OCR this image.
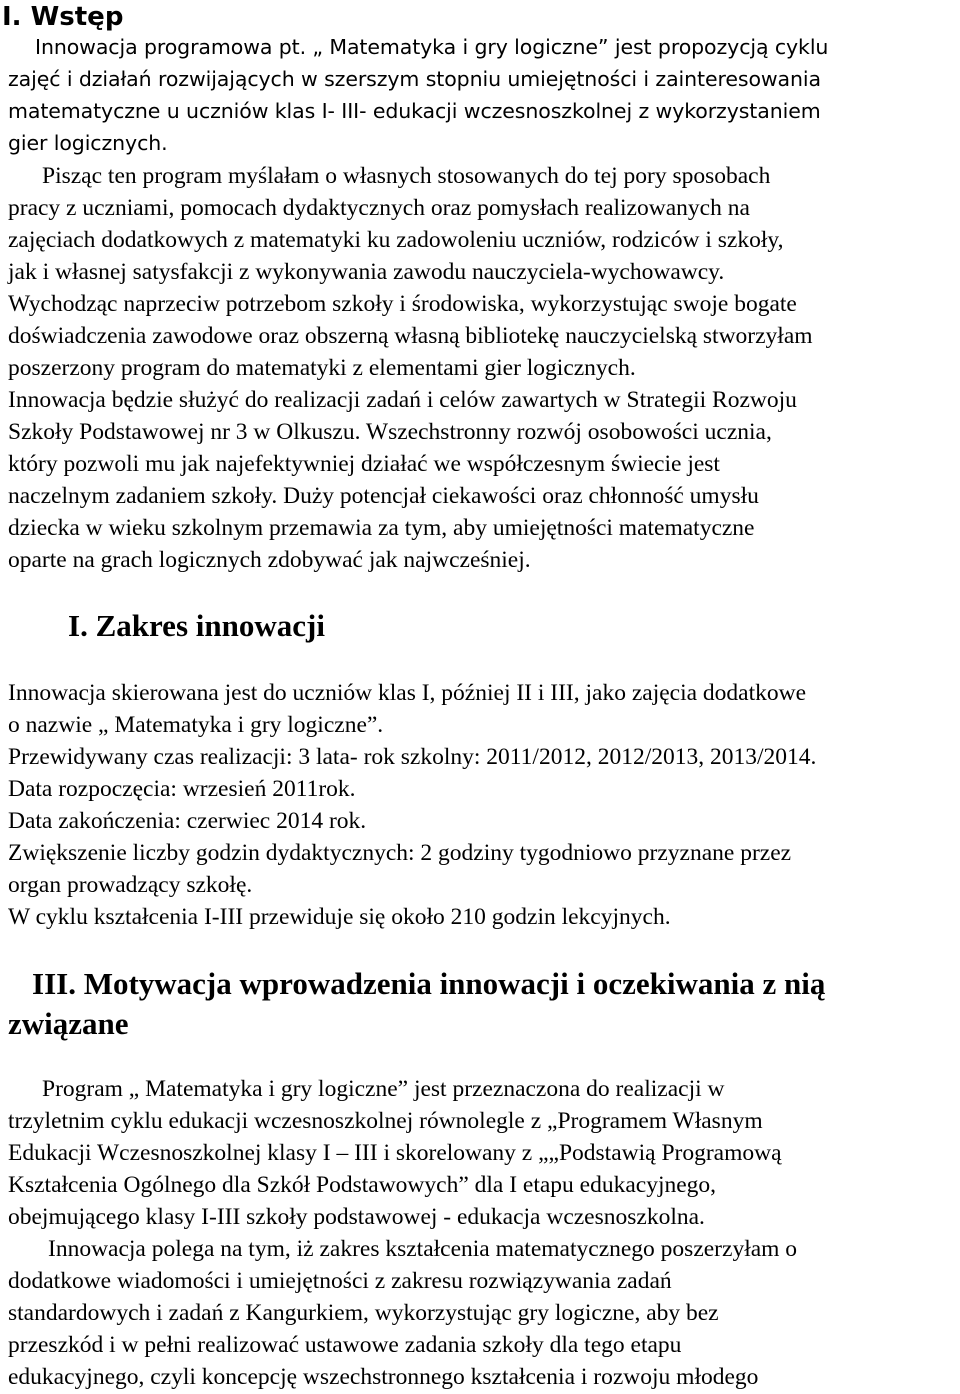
I. Wstęp
Innowacja programowa pt. „ Matematyka i gry logiczne” jest propozycją cyklu
zajęć i działań rozwijających w szerszym stopniu umiejętności i zainteresowania
matematyczne u uczniów klas I- III- edukacji wczesnoszkolnej z wykorzystaniem
gier logicznych.
Pisząc ten program myślałam o własnych stosowanych do tej pory sposobach
pracy z uczniami, pomocach dydaktycznych oraz pomysłach realizowanych na
zajęciach dodatkowych z matematyki ku zadowoleniu uczniów, rodziców i szkoły,
jak i własnej satysfakcji z wykonywania zawodu nauczyciela-wychowawcy.
Wychodząc naprzeciw potrzebom szkoły i środowiska, wykorzystując swoje bogate
doświadczenia zawodowe oraz obszerną własną bibliotekę nauczycielską stworzyłam
poszerzony program do matematyki z elementami gier logicznych.
Innowacja będzie służyć do realizacji zadań i celów zawartych w Strategii Rozwoju
Szkoły Podstawowej nr 3 w Olkuszu. Wszechstronny rozwój osobowości ucznia,
który pozwoli mu jak najefektywniej działać we współczesnym świecie jest
naczelnym zadaniem szkoły. Duży potencjał ciekawości oraz chłonność umysłu
dziecka w wieku szkolnym przemawia za tym, aby umiejętności matematyczne
oparte na grach logicznych zdobywać jak najwcześniej.
I. Zakres innowacji
Innowacja skierowana jest do uczniów klas I, później II i III, jako zajęcia dodatkowe
o nazwie „ Matematyka i gry logiczne”.
Przewidywany czas realizacji: 3 lata- rok szkolny: 2011/2012, 2012/2013, 2013/2014.
Data rozpoczęcia: wrzesień 2011rok.
Data zakończenia: czerwiec 2014 rok.
Zwiększenie liczby godzin dydaktycznych: 2 godziny tygodniowo przyznane przez
organ prowadzący szkołę.
W cyklu kształcenia I-III przewiduje się około 210 godzin lekcyjnych.
III. Motywacja wprowadzenia innowacji i oczekiwania z nią
związane
Program „ Matematyka i gry logiczne” jest przeznaczona do realizacji w
trzyletnim cyklu edukacji wczesnoszkolnej równolegle z „Programem Własnym
Edukacji Wczesnoszkolnej klasy I – III i skorelowany z „„Podstawią Programową
Kształcenia Ogólnego dla Szkół Podstawowych” dla I etapu edukacyjnego,
obejmującego klasy I-III szkoły podstawowej - edukacja wczesnoszkolna.
Innowacja polega na tym, iż zakres kształcenia matematycznego poszerzyłam o
dodatkowe wiadomości i umiejętności z zakresu rozwiązywania zadań
standardowych i zadań z Kangurkiem, wykorzystując gry logiczne, aby bez
przeszkód i w pełni realizować ustawowe zadania szkoły dla tego etapu
edukacyjnego, czyli koncepcję wszechstronnego kształcenia i rozwoju młodego
